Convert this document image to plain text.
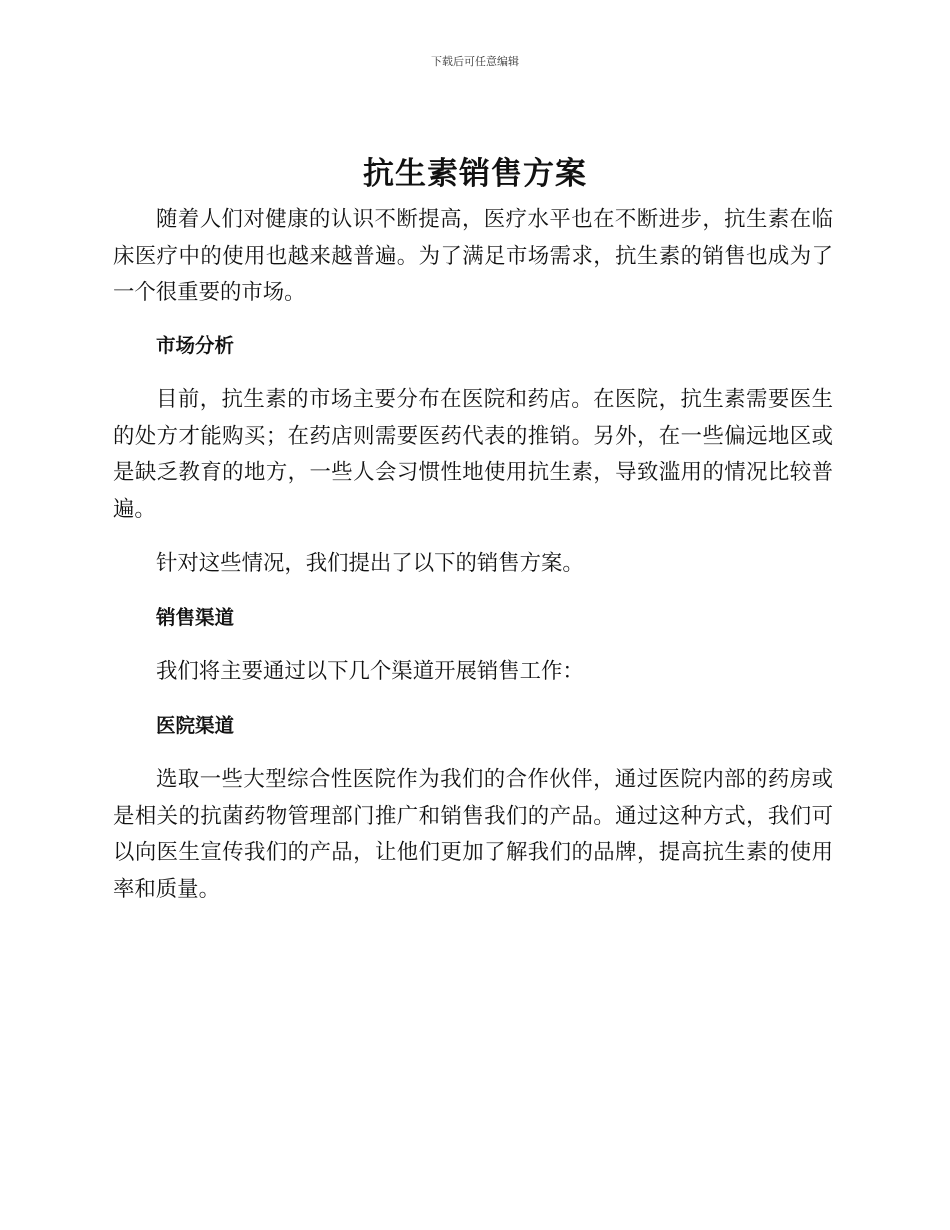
下载后可任意编辑
抗生素销售方案

随着人们对健康的认识不断提高，医疗水平也在不断进步，抗生素在临床医疗中的使用也越来越普遍。为了满足市场需求，抗生素的销售也成为了一个很重要的市场。

市场分析

目前，抗生素的市场主要分布在医院和药店。在医院，抗生素需要医生的处方才能购买；在药店则需要医药代表的推销。另外，在一些偏远地区或是缺乏教育的地方，一些人会习惯性地使用抗生素，导致滥用的情况比较普遍。

针对这些情况，我们提出了以下的销售方案。

销售渠道

我们将主要通过以下几个渠道开展销售工作：

医院渠道

选取一些大型综合性医院作为我们的合作伙伴，通过医院内部的药房或是相关的抗菌药物管理部门推广和销售我们的产品。通过这种方式，我们可以向医生宣传我们的产品，让他们更加了解我们的品牌，提高抗生素的使用率和质量。
